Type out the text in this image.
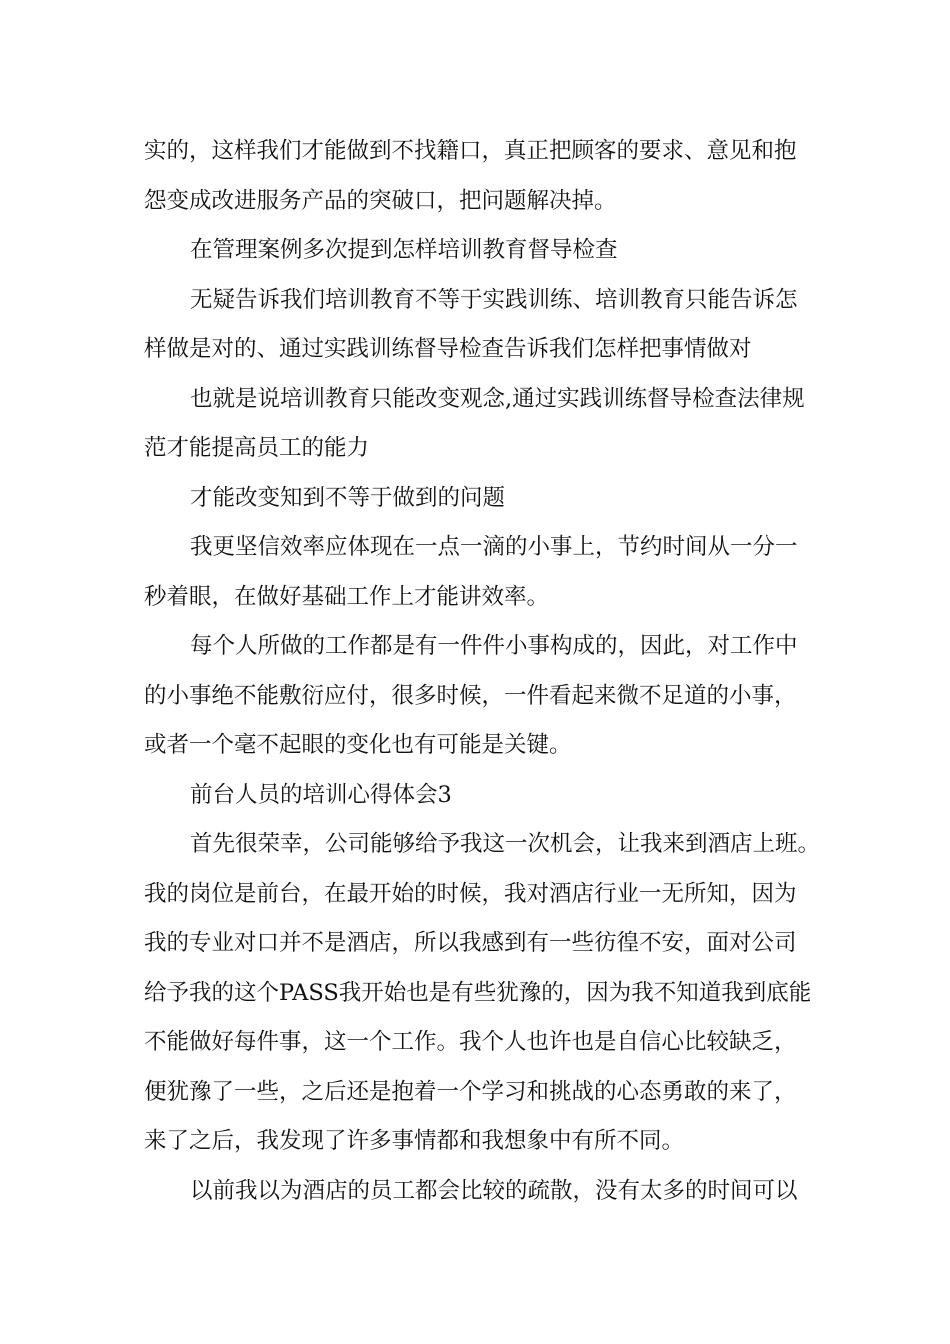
实的，这样我们才能做到不找籍口，真正把顾客的要求、意见和抱
怨变成改进服务产品的突破口，把问题解决掉。
在管理案例多次提到怎样培训教育督导检查
无疑告诉我们培训教育不等于实践训练、培训教育只能告诉怎
样做是对的、通过实践训练督导检查告诉我们怎样把事情做对
也就是说培训教育只能改变观念,通过实践训练督导检查法律规
范才能提高员工的能力
才能改变知到不等于做到的问题
我更坚信效率应体现在一点一滴的小事上，节约时间从一分一
秒着眼，在做好基础工作上才能讲效率。
每个人所做的工作都是有一件件小事构成的，因此，对工作中
的小事绝不能敷衍应付，很多时候，一件看起来微不足道的小事，
或者一个毫不起眼的变化也有可能是关键。
前台人员的培训心得体会3
首先很荣幸，公司能够给予我这一次机会，让我来到酒店上班。
我的岗位是前台，在最开始的时候，我对酒店行业一无所知，因为
我的专业对口并不是酒店，所以我感到有一些彷徨不安，面对公司
给予我的这个PASS我开始也是有些犹豫的，因为我不知道我到底能
不能做好每件事，这一个工作。我个人也许也是自信心比较缺乏，
便犹豫了一些，之后还是抱着一个学习和挑战的心态勇敢的来了，
来了之后，我发现了许多事情都和我想象中有所不同。
以前我以为酒店的员工都会比较的疏散，没有太多的时间可以
